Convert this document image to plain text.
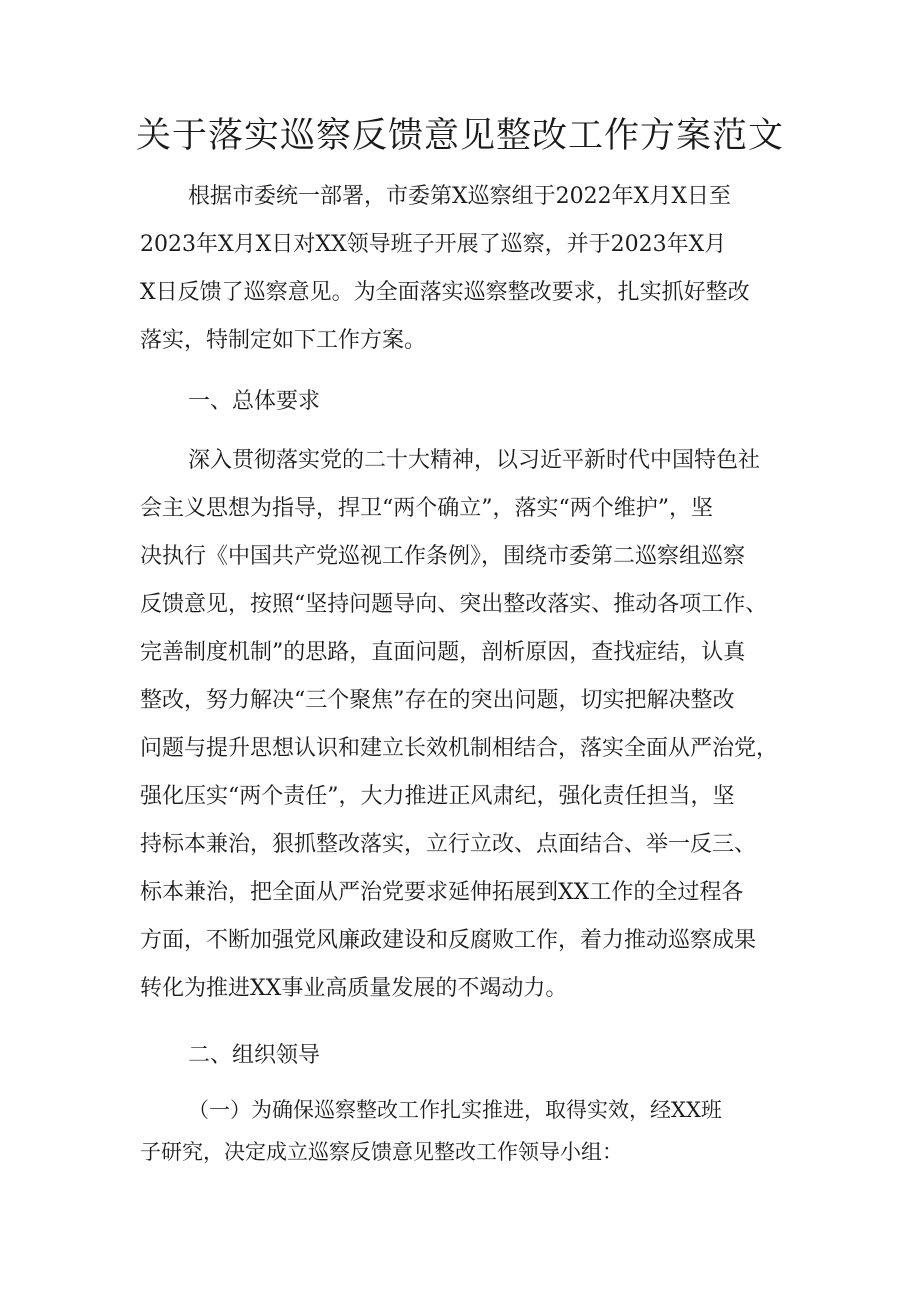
关于落实巡察反馈意见整改工作方案范文

根据市委统一部署，市委第X巡察组于2022年X月X日至

2023年X月X日对XX领导班子开展了巡察，并于2023年X月

X日反馈了巡察意见。为全面落实巡察整改要求，扎实抓好整改

落实，特制定如下工作方案。

一、总体要求

深入贯彻落实党的二十大精神，以习近平新时代中国特色社

会主义思想为指导，捍卫“两个确立”，落实“两个维护”，坚

决执行《中国共产党巡视工作条例》，围绕市委第二巡察组巡察

反馈意见，按照“坚持问题导向、突出整改落实、推动各项工作、

完善制度机制”的思路，直面问题，剖析原因，查找症结，认真

整改，努力解决“三个聚焦”存在的突出问题，切实把解决整改

问题与提升思想认识和建立长效机制相结合，落实全面从严治党，

强化压实“两个责任”，大力推进正风肃纪，强化责任担当，坚

持标本兼治，狠抓整改落实，立行立改、点面结合、举一反三、

标本兼治，把全面从严治党要求延伸拓展到XX工作的全过程各

方面，不断加强党风廉政建设和反腐败工作，着力推动巡察成果

转化为推进XX事业高质量发展的不竭动力。

二、组织领导

（一）为确保巡察整改工作扎实推进，取得实效，经XX班

子研究，决定成立巡察反馈意见整改工作领导小组：
